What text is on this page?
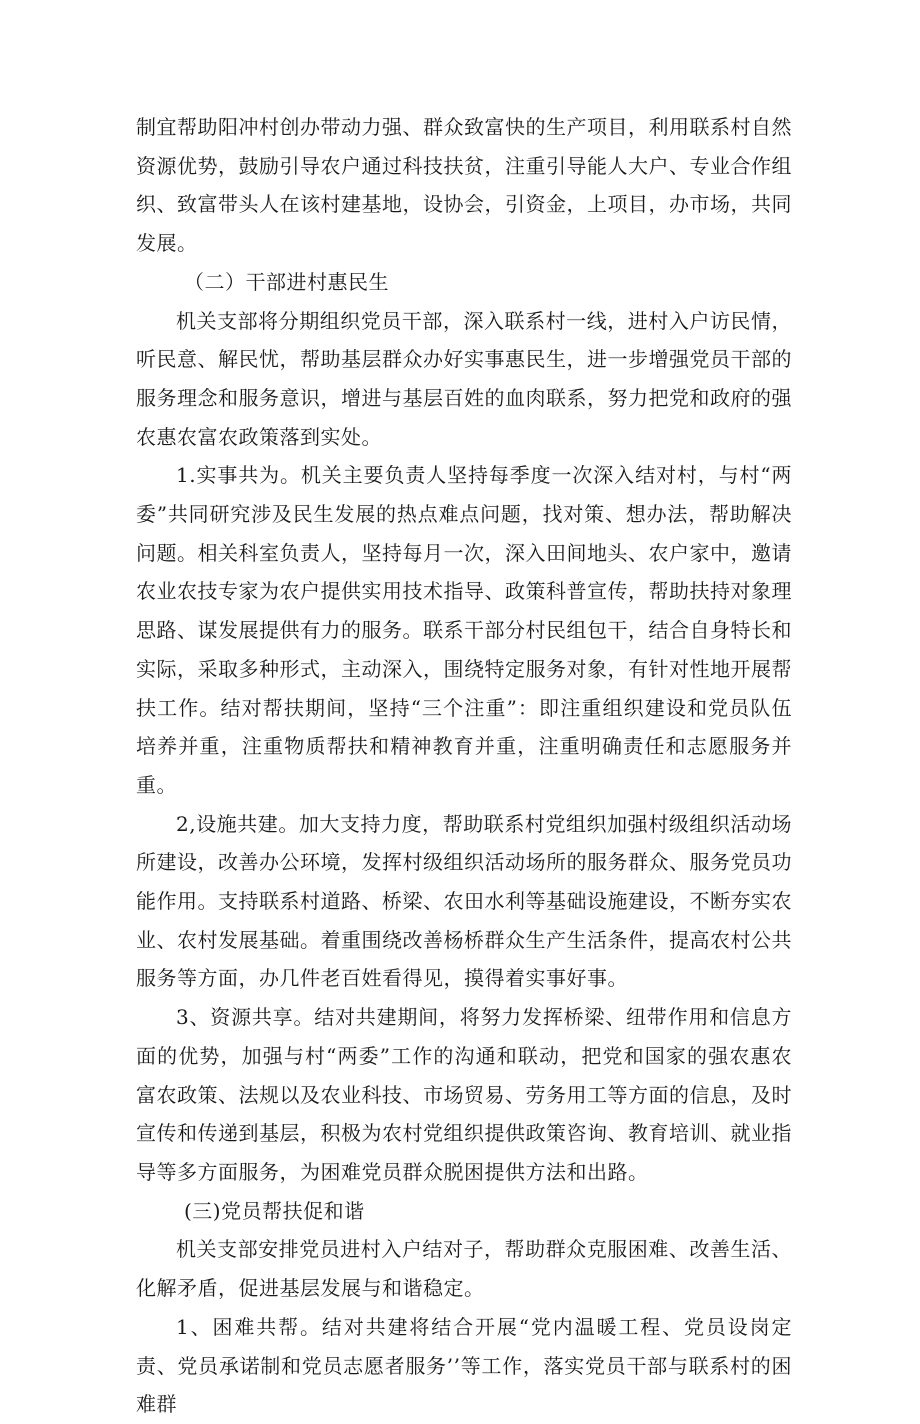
制宜帮助阳冲村创办带动力强、群众致富快的生产项目，利用联系村自然资源优势，鼓励引导农户通过科技扶贫，注重引导能人大户、专业合作组织、致富带头人在该村建基地，设协会，引资金，上项目，办市场，共同发展。

（二）干部进村惠民生

机关支部将分期组织党员干部，深入联系村一线，进村入户访民情，听民意、解民忧，帮助基层群众办好实事惠民生，进一步增强党员干部的服务理念和服务意识，增进与基层百姓的血肉联系，努力把党和政府的强农惠农富农政策落到实处。

1.实事共为。机关主要负责人坚持每季度一次深入结对村，与村“两委”共同研究涉及民生发展的热点难点问题，找对策、想办法，帮助解决问题。相关科室负责人，坚持每月一次，深入田间地头、农户家中，邀请农业农技专家为农户提供实用技术指导、政策科普宣传，帮助扶持对象理思路、谋发展提供有力的服务。联系干部分村民组包干，结合自身特长和实际，采取多种形式，主动深入，围绕特定服务对象，有针对性地开展帮扶工作。结对帮扶期间，坚持“三个注重”：即注重组织建设和党员队伍培养并重，注重物质帮扶和精神教育并重，注重明确责任和志愿服务并重。

2,设施共建。加大支持力度，帮助联系村党组织加强村级组织活动场所建设，改善办公环境，发挥村级组织活动场所的服务群众、服务党员功能作用。支持联系村道路、桥梁、农田水利等基础设施建设，不断夯实农业、农村发展基础。着重围绕改善杨桥群众生产生活条件，提高农村公共服务等方面，办几件老百姓看得见，摸得着实事好事。

3、资源共享。结对共建期间，将努力发挥桥梁、纽带作用和信息方面的优势，加强与村“两委”工作的沟通和联动，把党和国家的强农惠农富农政策、法规以及农业科技、市场贸易、劳务用工等方面的信息，及时宣传和传递到基层，积极为农村党组织提供政策咨询、教育培训、就业指导等多方面服务，为困难党员群众脱困提供方法和出路。

(三)党员帮扶促和谐

机关支部安排党员进村入户结对子，帮助群众克服困难、改善生活、化解矛盾，促进基层发展与和谐稳定。

1、困难共帮。结对共建将结合开展“党内温暖工程、党员设岗定责、党员承诺制和党员志愿者服务’’等工作，落实党员干部与联系村的困难群
